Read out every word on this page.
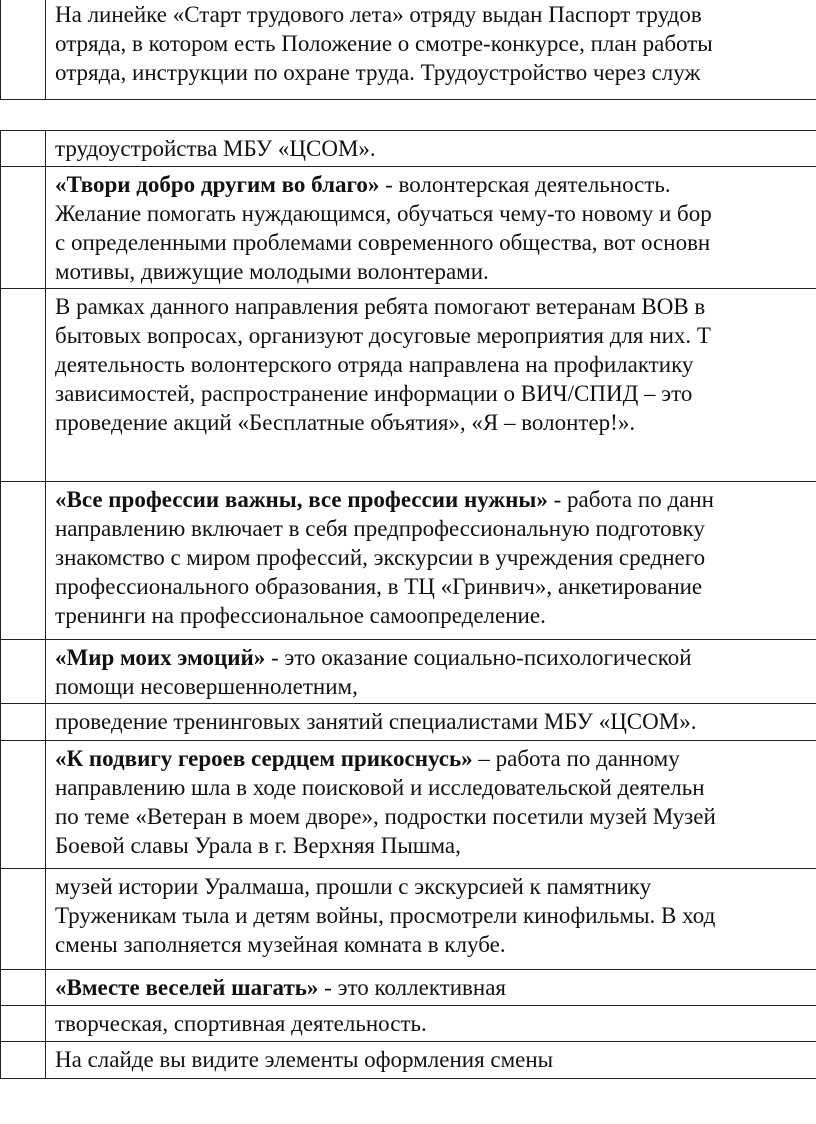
На линейке «Старт трудового лета» отряду выдан Паспорт трудов
отряда, в котором есть Положение о смотре-конкурсе, план работы
отряда, инструкции по охране труда. Трудоустройство через служ

	трудоустройства МБУ «ЦСОМ».

	«Твори добро другим во благо» - волонтерская деятельность.
Желание помогать нуждающимся, обучаться чему-то новому и бор
с определенными проблемами современного общества, вот основн
мотивы, движущие молодыми волонтерами.

	В рамках данного направления ребята помогают ветеранам ВОВ в
бытовых вопросах, организуют досуговые мероприятия для них. Т
деятельность волонтерского отряда направлена на профилактику
зависимостей, распространение информации о ВИЧ/СПИД – это
проведение акций «Бесплатные объятия», «Я – волонтер!».

	«Все профессии важны, все профессии нужны» - работа по данн
направлению включает в себя предпрофессиональную подготовку
знакомство с миром профессий, экскурсии в учреждения среднего
профессионального образования, в ТЦ «Гринвич», анкетирование
тренинги на профессиональное самоопределение.

	«Мир моих эмоций» - это оказание социально-психологической
помощи несовершеннолетним,

	проведение тренинговых занятий специалистами МБУ «ЦСОМ».

	«К подвигу героев сердцем прикоснусь» – работа по данному
направлению шла в ходе поисковой и исследовательской деятельн
по теме «Ветеран в моем дворе», подростки посетили музей Музей
Боевой славы Урала в г. Верхняя Пышма,

	музей истории Уралмаша, прошли с экскурсией к памятнику
Труженикам тыла и детям войны, просмотрели кинофильмы. В ход
смены заполняется музейная комната в клубе.

	«Вместе веселей шагать» - это коллективная

	творческая, спортивная деятельность.

	На слайде вы видите элементы оформления смены
